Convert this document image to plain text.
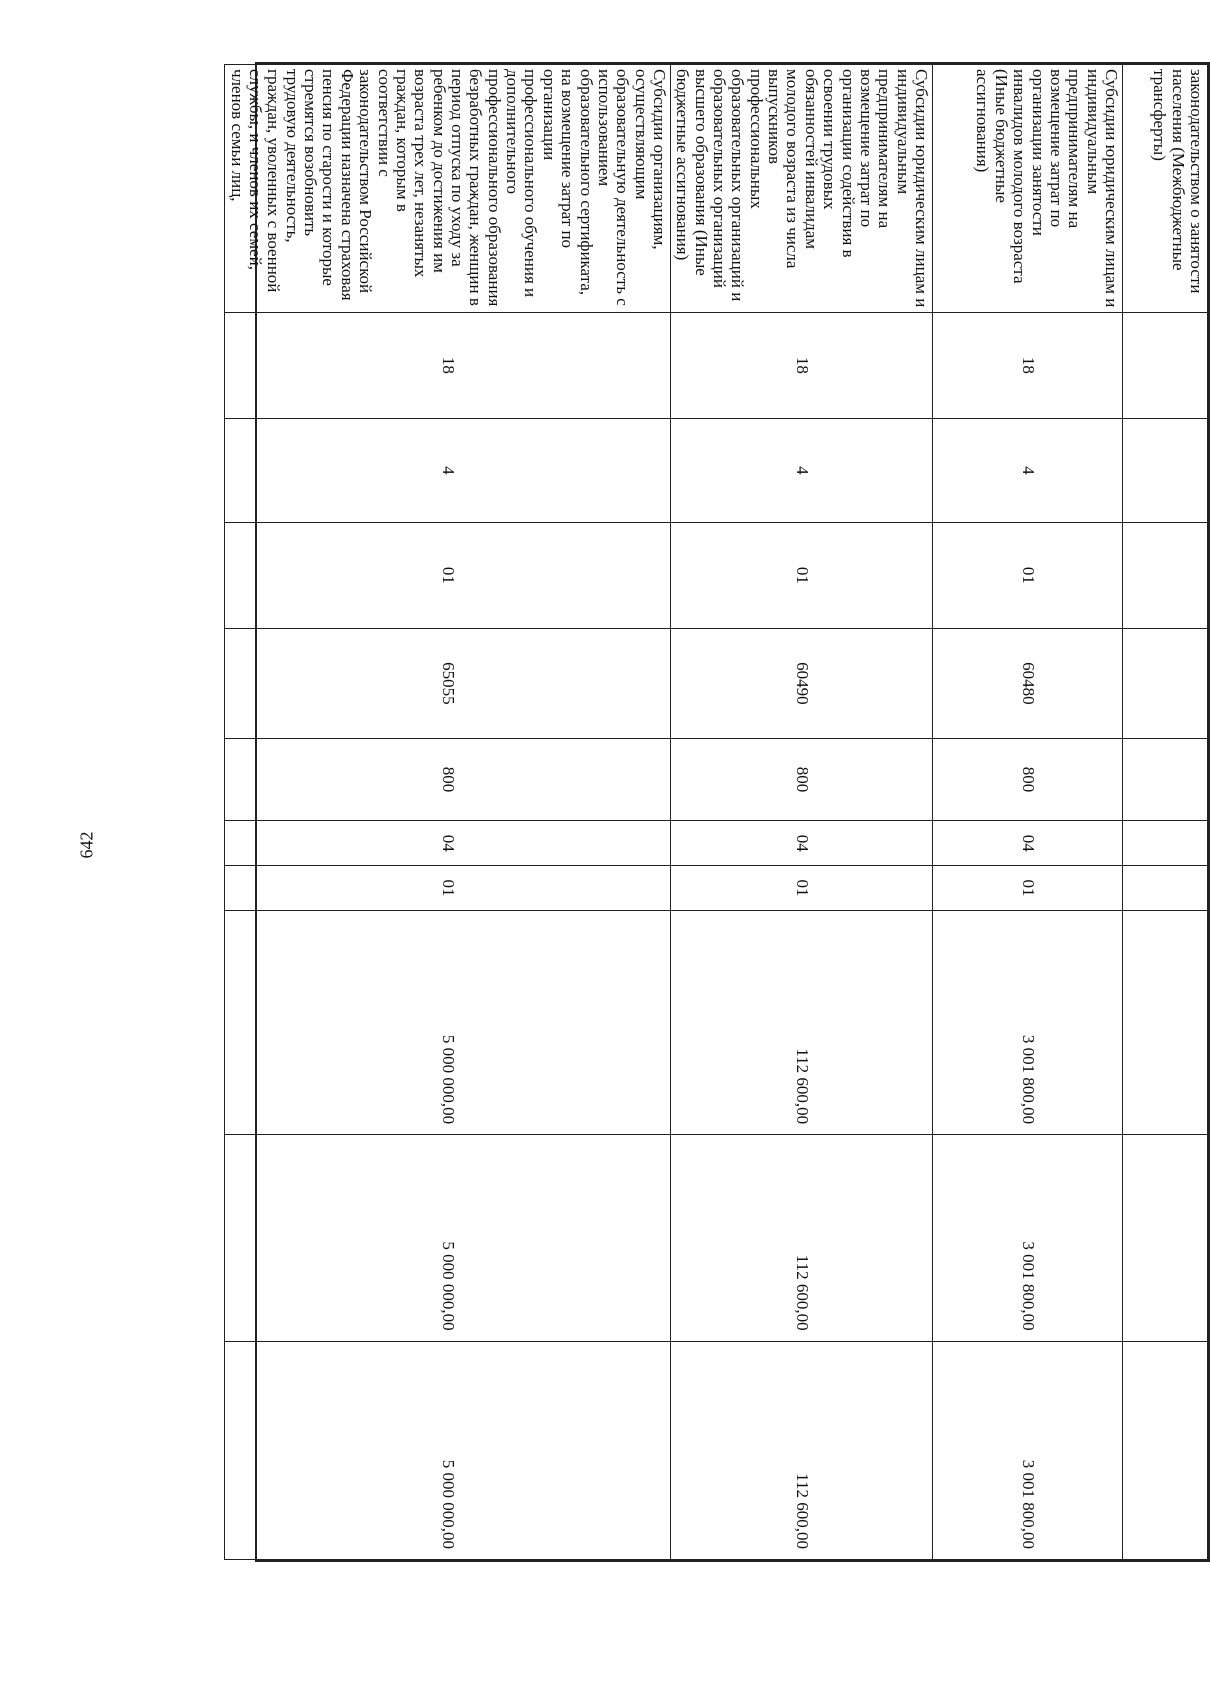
642
законодательством о занятости населения (Межбюджетные трансферты)										
Субсидии юридическим лицам и индивидуальным предпринимателям на возмещение затрат по организации занятости инвалидов молодого возраста (Иные бюджетные ассигнования)	18	4	01	60480	800	04	01	3 001 800,00	3 001 800,00	3 001 800,00
Субсидии юридическим лицам и индивидуальным предпринимателям на возмещение затрат по организации содействия в освоении трудовых обязанностей инвалидам молодого возраста из числа выпускников профессиональных образовательных организаций и образовательных организаций высшего образования (Иные бюджетные ассигнования)	18	4	01	60490	800	04	01	112 600,00	112 600,00	112 600,00
Субсидии организациям, осуществляющим образовательную деятельность с использованием образовательного сертификата, на возмещение затрат по организации профессионального обучения и дополнительного профессионального образования безработных граждан, женщин в период отпуска по уходу за ребенком до достижения им возраста трех лет, незанятых граждан, которым в соответствии с законодательством Российской Федерации назначена страховая пенсия по старости и которые стремятся возобновить трудовую деятельность, граждан, уволенных с военной службы, и членов их семей, членов семьи лиц,	18	4	01	65055	800	04	01	5 000 000,00	5 000 000,00	5 000 000,00
